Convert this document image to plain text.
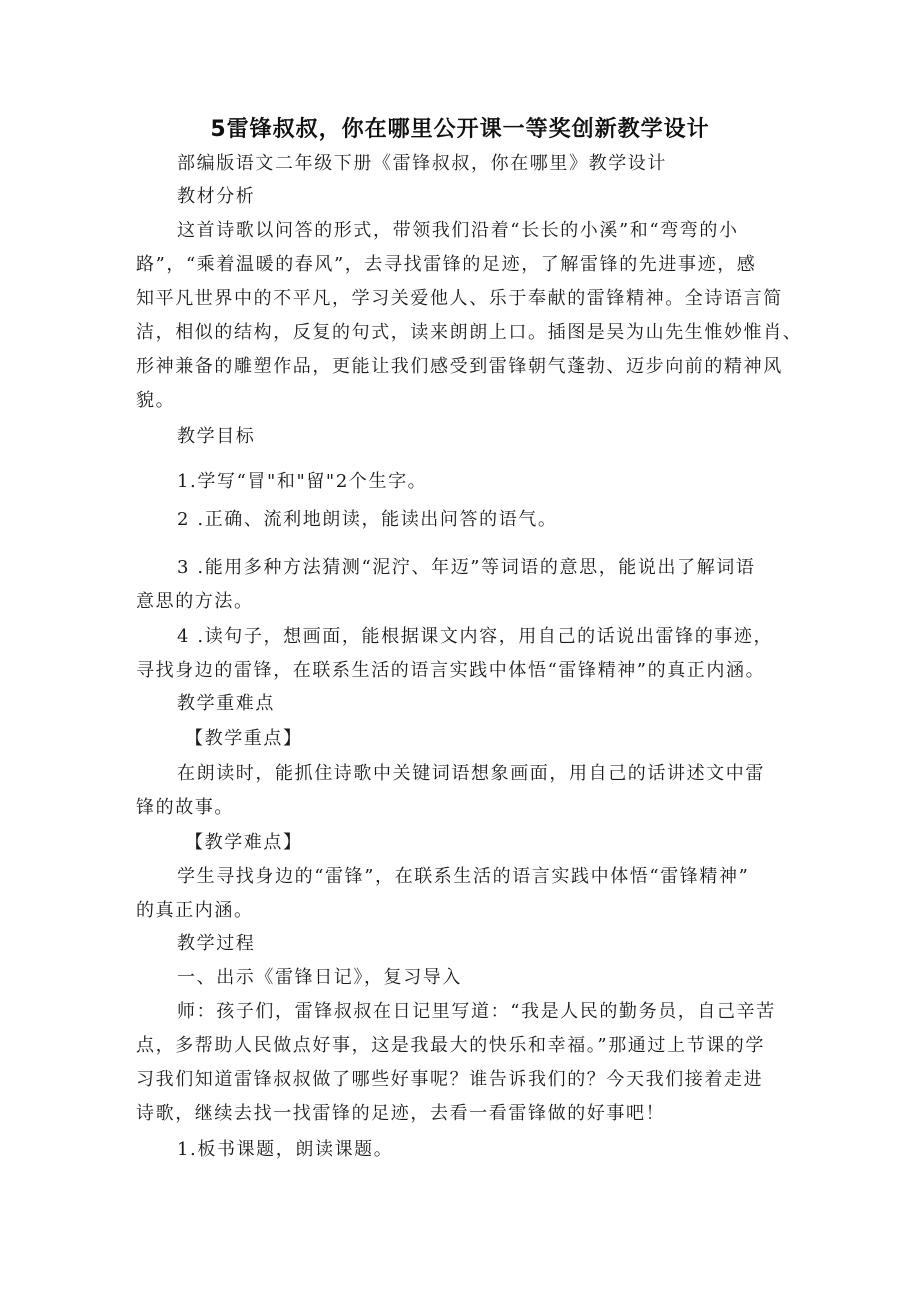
5雷锋叔叔，你在哪里公开课一等奖创新教学设计
部编版语文二年级下册《雷锋叔叔，你在哪里》教学设计
教材分析
这首诗歌以问答的形式，带领我们沿着“长长的小溪”和“弯弯的小
路”，“乘着温暖的春风”，去寻找雷锋的足迹，了解雷锋的先进事迹，感
知平凡世界中的不平凡，学习关爱他人、乐于奉献的雷锋精神。全诗语言简
洁，相似的结构，反复的句式，读来朗朗上口。插图是吴为山先生惟妙惟肖、
形神兼备的雕塑作品，更能让我们感受到雷锋朝气蓬勃、迈步向前的精神风
貌。
教学目标
1.学写“冒"和"留"2个生字。
2 .正确、流利地朗读，能读出问答的语气。
3 .能用多种方法猜测“泥泞、年迈”等词语的意思，能说出了解词语
意思的方法。
4 .读句子，想画面，能根据课文内容，用自己的话说出雷锋的事迹，
寻找身边的雷锋，在联系生活的语言实践中体悟“雷锋精神”的真正内涵。
教学重难点
【教学重点】
在朗读时，能抓住诗歌中关键词语想象画面，用自己的话讲述文中雷
锋的故事。
【教学难点】
学生寻找身边的“雷锋”，在联系生活的语言实践中体悟“雷锋精神”
的真正内涵。
教学过程
一、出示《雷锋日记》，复习导入
师：孩子们，雷锋叔叔在日记里写道：“我是人民的勤务员，自己辛苦
点，多帮助人民做点好事，这是我最大的快乐和幸福。”那通过上节课的学
习我们知道雷锋叔叔做了哪些好事呢？谁告诉我们的？今天我们接着走进
诗歌，继续去找一找雷锋的足迹，去看一看雷锋做的好事吧！
1.板书课题，朗读课题。
